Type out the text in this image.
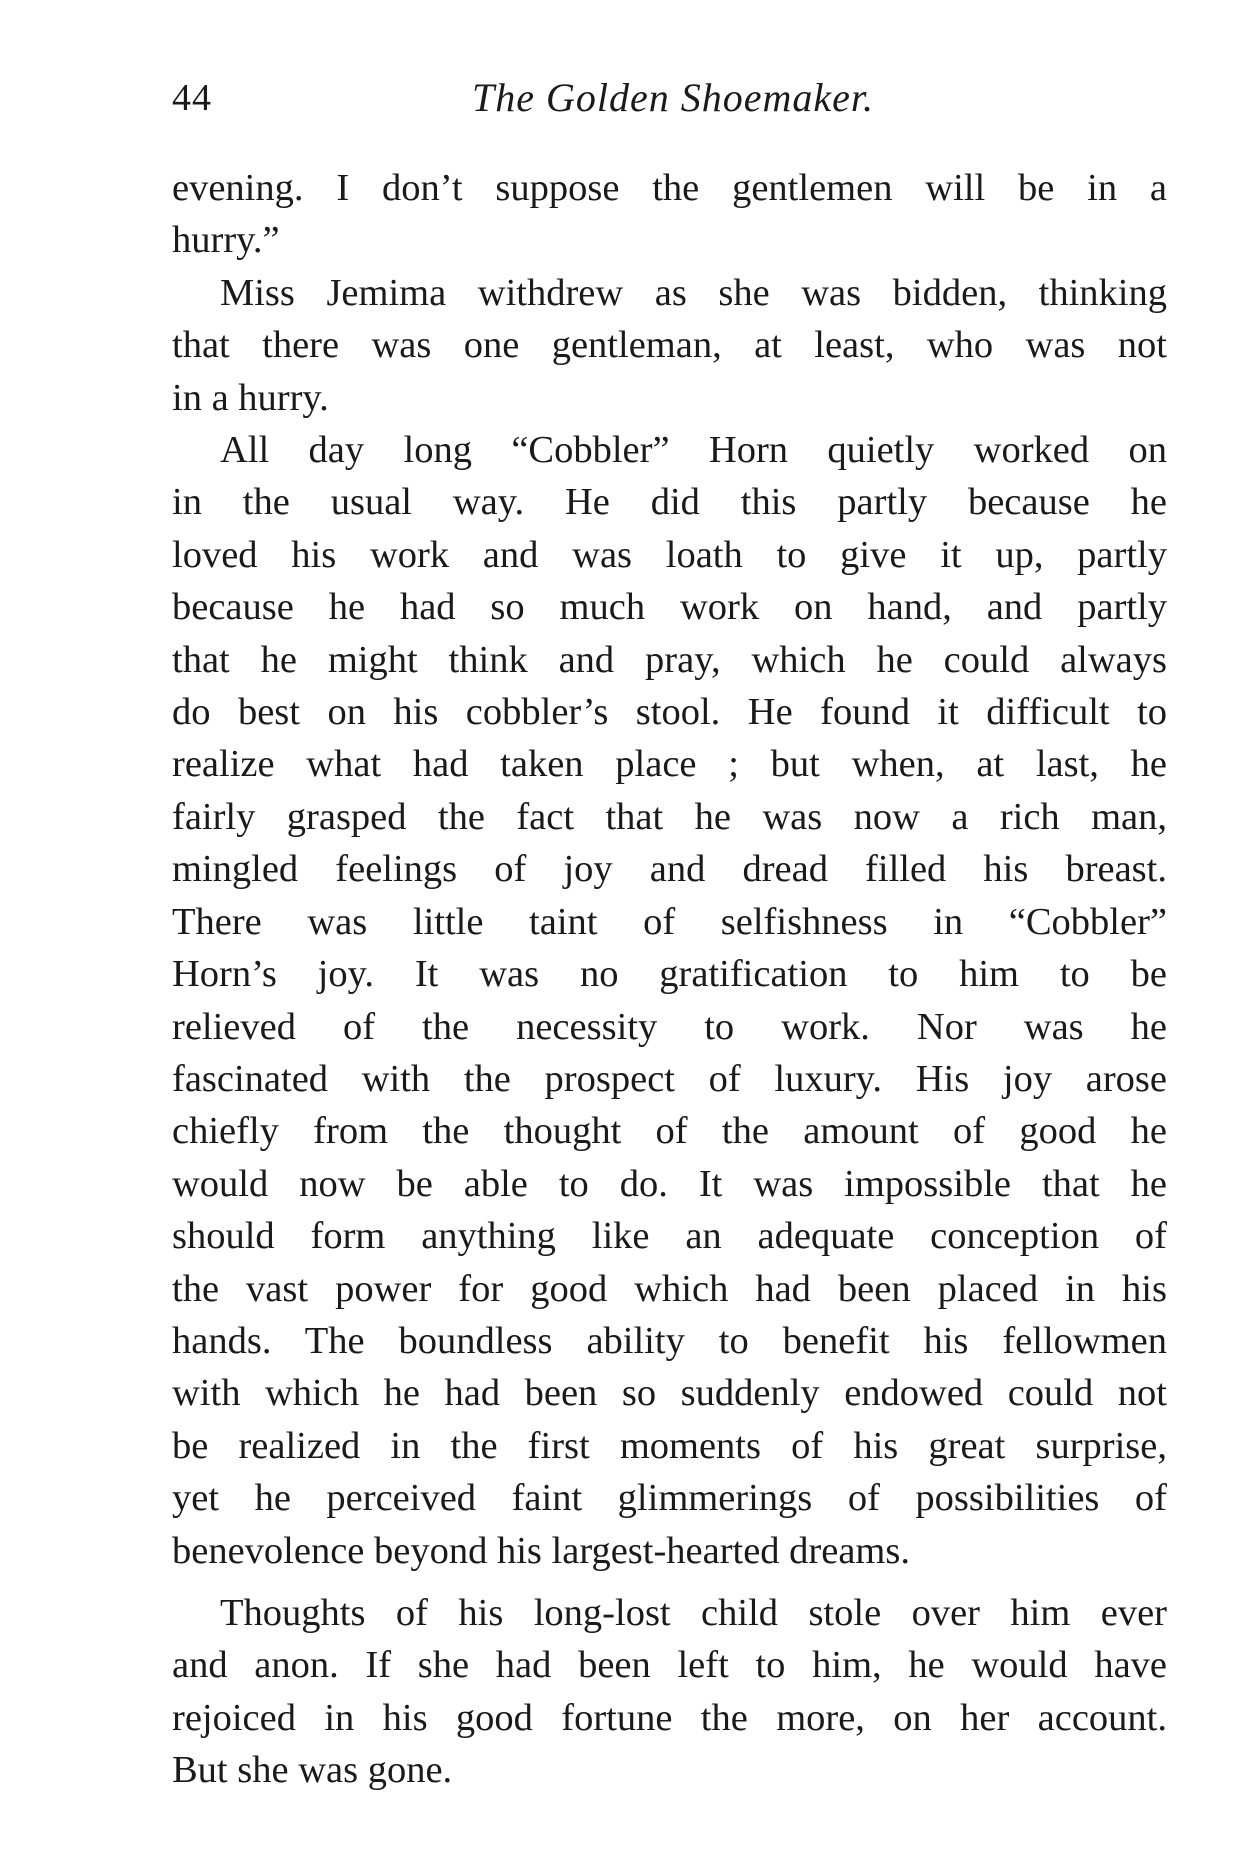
44	The Golden Shoemaker.
evening. I don’t suppose the gentlemen will be in a
hurry.”
Miss Jemima withdrew as she was bidden, thinking
that there was one gentleman, at least, who was not
in a hurry.
All day long “Cobbler” Horn quietly worked on
in the usual way. He did this partly because he
loved his work and was loath to give it up, partly
because he had so much work on hand, and partly
that he might think and pray, which he could always
do best on his cobbler’s stool. He found it difficult to
realize what had taken place ; but when, at last, he
fairly grasped the fact that he was now a rich man,
mingled feelings of joy and dread filled his breast.
There was little taint of selfishness in “Cobbler”
Horn’s joy. It was no gratification to him to be
relieved of the necessity to work. Nor was he
fascinated with the prospect of luxury. His joy arose
chiefly from the thought of the amount of good he
would now be able to do. It was impossible that he
should form anything like an adequate conception of
the vast power for good which had been placed in his
hands. The boundless ability to benefit his fellowmen
with which he had been so suddenly endowed could not
be realized in the first moments of his great surprise,
yet he perceived faint glimmerings of possibilities of
benevolence beyond his largest-hearted dreams.
Thoughts of his long-lost child stole over him ever
and anon. If she had been left to him, he would have
rejoiced in his good fortune the more, on her account.
But she was gone.
